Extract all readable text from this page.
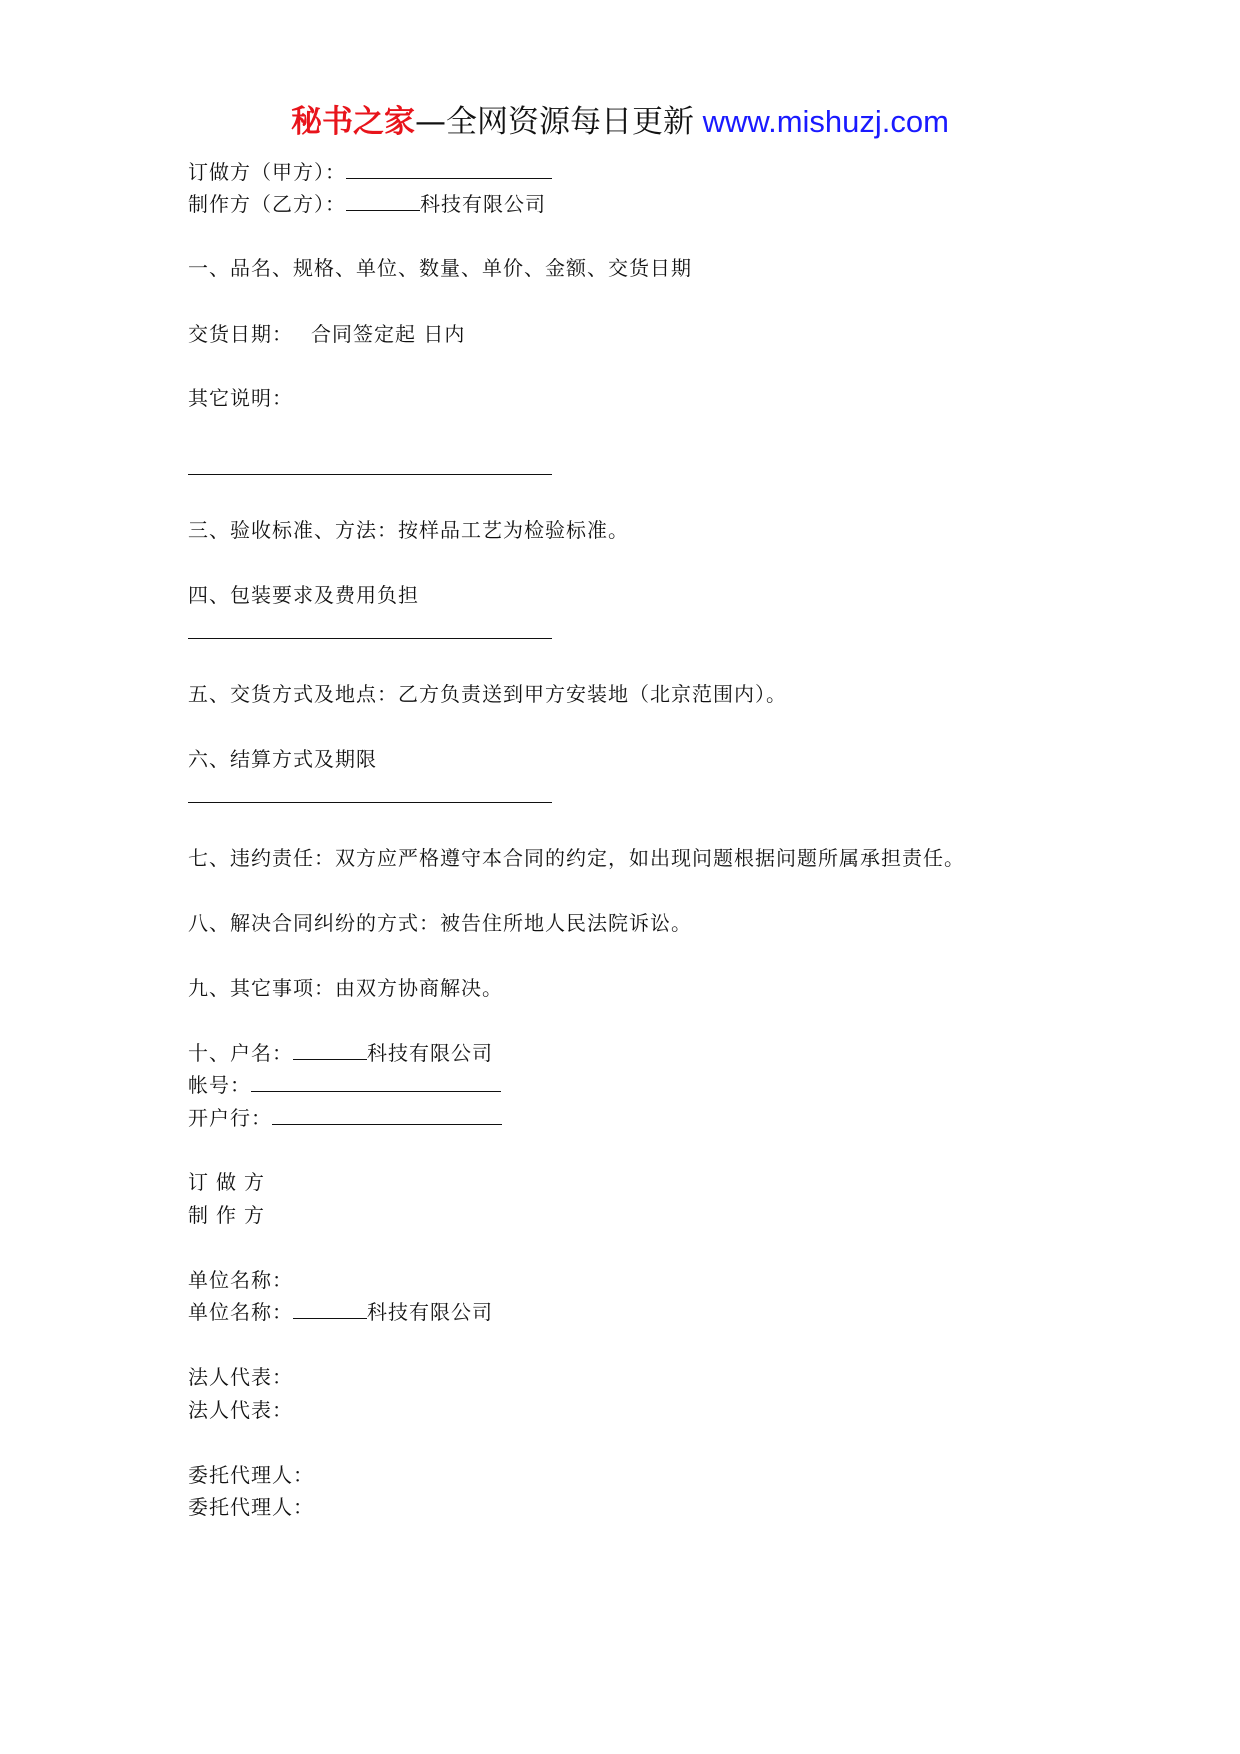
秘书之家—全网资源每日更新 www.mishuzj.com
订做方（甲方）：
制作方（乙方）：	科技有限公司
一、品名、规格、单位、数量、单价、金额、交货日期
交货日期： 合同签定起 日内
其它说明：
三、验收标准、方法：按样品工艺为检验标准。
四、包装要求及费用负担
五、交货方式及地点：乙方负责送到甲方安装地（北京范围内）。
六、结算方式及期限
七、违约责任：双方应严格遵守本合同的约定，如出现问题根据问题所属承担责任。
八、解决合同纠纷的方式：被告住所地人民法院诉讼。
九、其它事项：由双方协商解决。
十、户名：	科技有限公司
帐号：
开户行：
订做方
制作方
单位名称：
单位名称：	科技有限公司
法人代表：
法人代表：
委托代理人：
委托代理人：
